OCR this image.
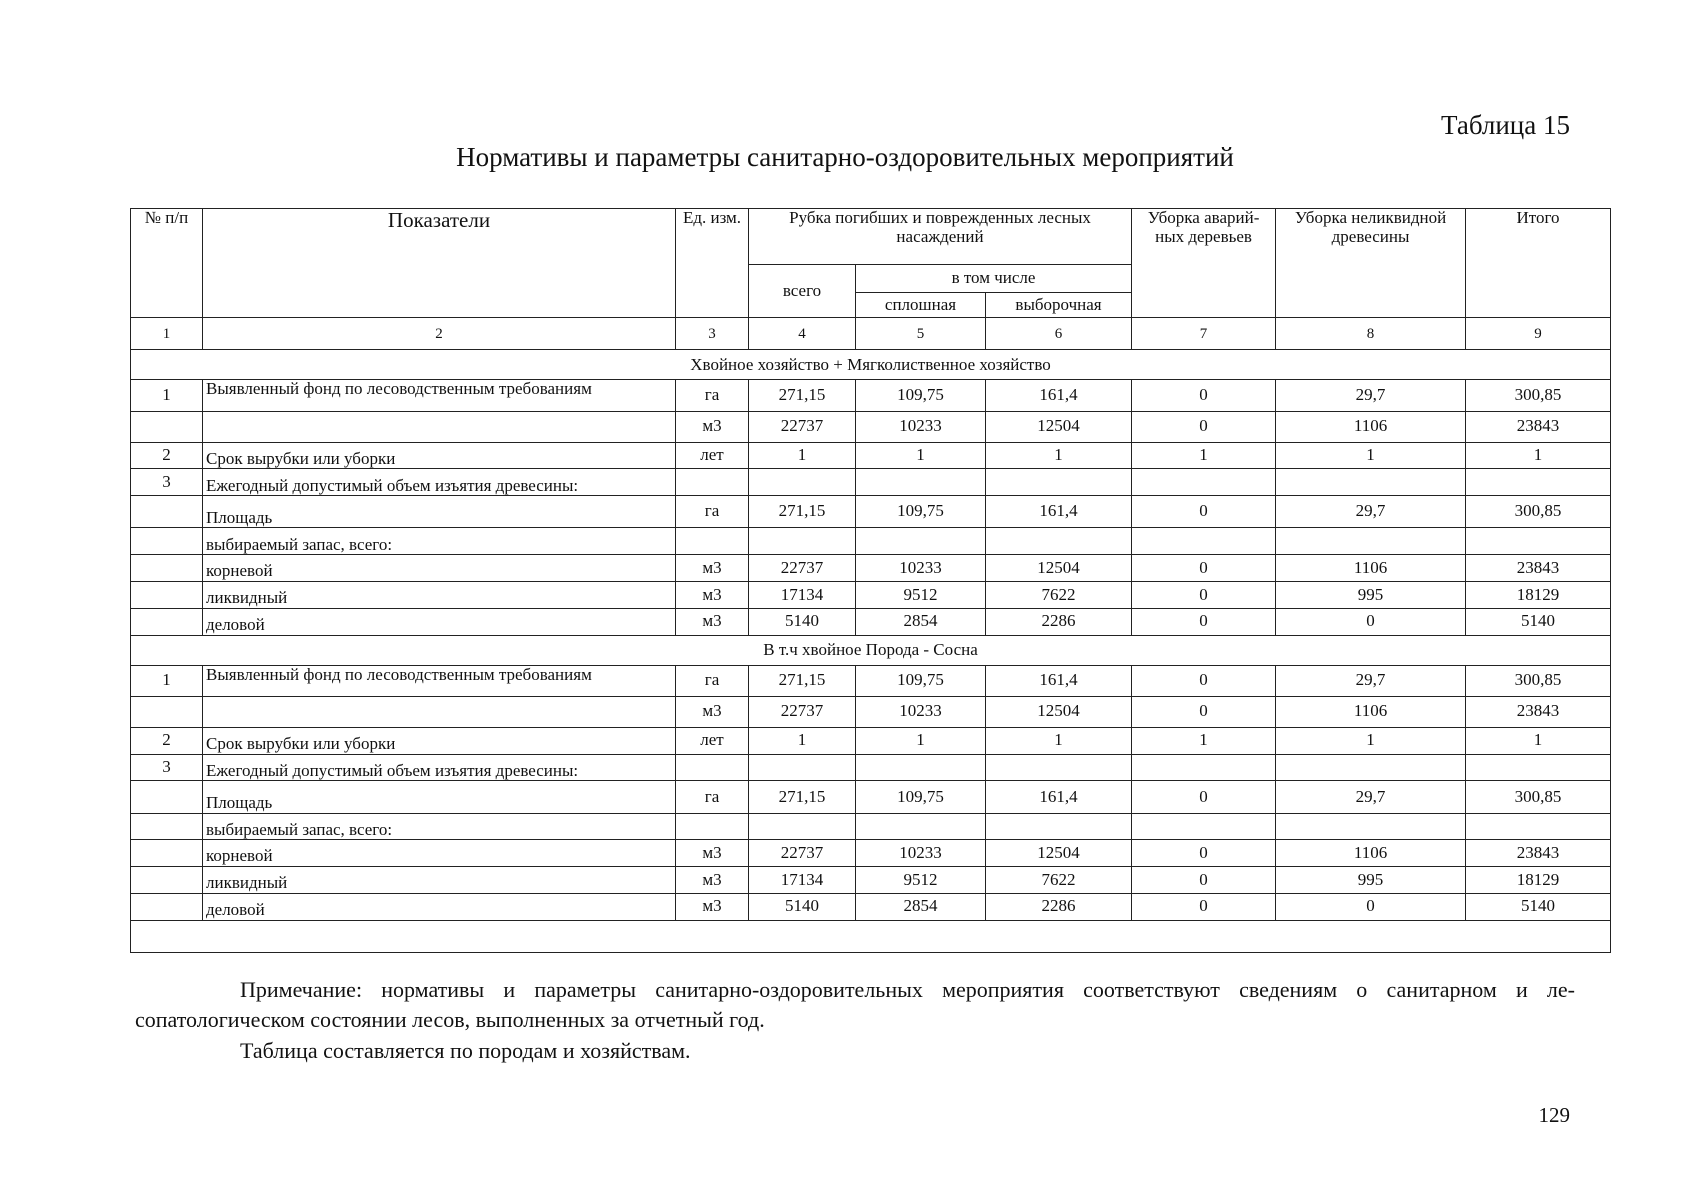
Таблица 15
Нормативы и параметры санитарно-оздоровительных мероприятий
№ п/п	Показатели	Ед. изм.	Рубка погибших и поврежденных лесных насаждений			Уборка аварий-ных деревьев	Уборка неликвидной древесины	Итого
			всего	в том числе				
				сплошная	выборочная			
1	2	3	4	5	6	7	8	9
Хвойное хозяйство + Мягколиственное хозяйство								
1	Выявленный фонд по лесоводственным требованиям	га	271,15	109,75	161,4	0	29,7	300,85
		м3	22737	10233	12504	0	1106	23843
2	Срок вырубки или уборки	лет	1	1	1	1	1	1
3	Ежегодный допустимый объем изъятия древесины:							
	Площадь	га	271,15	109,75	161,4	0	29,7	300,85
	выбираемый запас, всего:							
	корневой	м3	22737	10233	12504	0	1106	23843
	ликвидный	м3	17134	9512	7622	0	995	18129
	деловой	м3	5140	2854	2286	0	0	5140
В т.ч хвойное Порода - Сосна								
1	Выявленный фонд по лесоводственным требованиям	га	271,15	109,75	161,4	0	29,7	300,85
		м3	22737	10233	12504	0	1106	23843
2	Срок вырубки или уборки	лет	1	1	1	1	1	1
3	Ежегодный допустимый объем изъятия древесины:							
	Площадь	га	271,15	109,75	161,4	0	29,7	300,85
	выбираемый запас, всего:							
	корневой	м3	22737	10233	12504	0	1106	23843
	ликвидный	м3	17134	9512	7622	0	995	18129
	деловой	м3	5140	2854	2286	0	0	5140

Примечание: нормативы и параметры санитарно-оздоровительных мероприятия соответствуют сведениям о санитарном и ле-сопатологическом состоянии лесов, выполненных за отчетный год.

Таблица составляется по породам и хозяйствам.

129
